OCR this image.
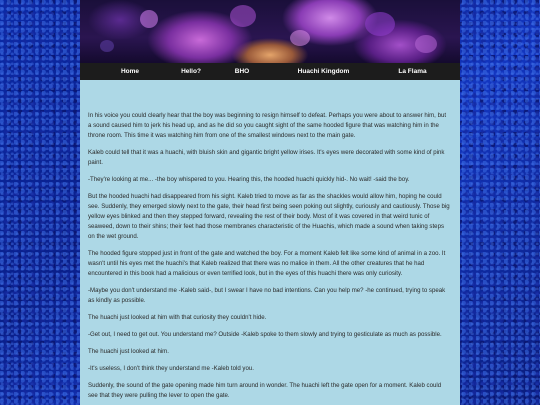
Home	Hello?	BHO	Huachi Kingdom	La Flama

In his voice you could clearly hear that the boy was beginning to resign himself to defeat. Perhaps you were about to answer him, but a sound caused him to jerk his head up, and as he did so you caught sight of the same hooded figure that was watching him in the throne room. This time it was watching him from one of the smallest windows next to the main gate.

Kaleb could tell that it was a huachi, with bluish skin and gigantic bright yellow irises. It's eyes were decorated with some kind of pink paint.

-They're looking at me... -the boy whispered to you. Hearing this, the hooded huachi quickly hid-. No wait! -said the boy.

But the hooded huachi had disappeared from his sight. Kaleb tried to move as far as the shackles would allow him, hoping he could see. Suddenly, they emerged slowly next to the gate, their head first being seen poking out slightly, curiously and cautiously. Those big yellow eyes blinked and then they stepped forward, revealing the rest of their body. Most of it was covered in that weird tunic of seaweed, down to their shins; their feet had those membranes characteristic of the Huachis, which made a sound when taking steps on the wet ground.

The hooded figure stopped just in front of the gate and watched the boy. For a moment Kaleb felt like some kind of animal in a zoo. It wasn't until his eyes met the huachi's that Kaleb realized that there was no malice in them. All the other creatures that he had encountered in this book had a malicious or even terrified look, but in the eyes of this huachi there was only curiosity.

-Maybe you don't understand me -Kaleb said-, but I swear I have no bad intentions. Can you help me? -he continued, trying to speak as kindly as possible.

The huachi just looked at him with that curiosity they couldn't hide.

-Get out, I need to get out. You understand me? Outside -Kaleb spoke to them slowly and trying to gesticulate as much as possible.

The huachi just looked at him.

-It's useless, I don't think they understand me -Kaleb told you.

Suddenly, the sound of the gate opening made him turn around in wonder. The huachi left the gate open for a moment. Kaleb could see that they were pulling the lever to open the gate.
